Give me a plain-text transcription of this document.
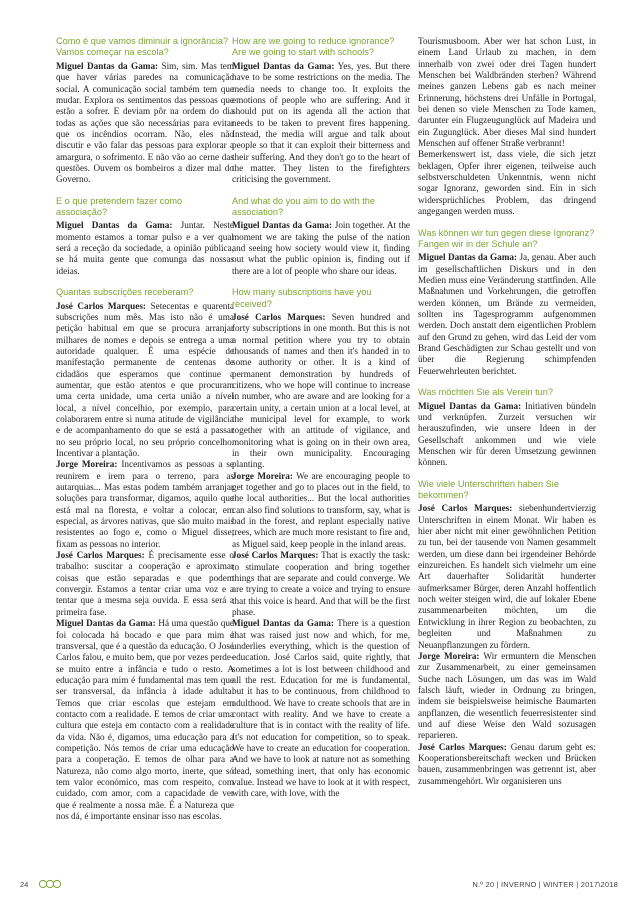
Como é que vamos diminuir a ignorância? Vamos começar na escola?

Miguel Dantas da Gama: Sim, sim. Mas tem que haver várias paredes na comunicação social. A comunicação social também tem que mudar. Explora os sentimentos das pessoas que estão a sofrer. E deviam pôr na ordem do dia todas as ações que são necessárias para evitar que os incêndios ocorram. Não, eles não discutir e vão falar das pessoas para explorar a amargura, o sofrimento. E não vão ao cerne das questões. Ouvem os bombeiros a dizer mal do Governo.

E o que pretendem fazer como associação?

Miguel Dantas da Gama: Juntar. Neste momento estamos a tomar pulso e a ver qual será a receção da sociedade, a opinião pública, se há muita gente que comunga das nossas ideias.

Quantas subscrições receberam?

José Carlos Marques: Setecentas e quarenta subscrições num mês. Mas isto não é uma petição habitual em que se procura arranjar milhares de nomes e depois se entrega a uma autoridade qualquer. É uma espécie de manifestação permanente de centenas de cidadãos que esperamos que continue a aumentar, que estão atentos e que procuram uma certa unidade, uma certa união a nível local, a nível concelhio, por exemplo, para colaborarem entre si numa atitude de vigilância e de acompanhamento do que se está a passar no seu próprio local, no seu próprio concelho. Incentivar a plantação.

Jorge Moreira: Incentivamos as pessoas a se reunirem e irem para o terreno, para as autarquias... Mas estas podem também arranjar soluções para transformar, digamos, aquilo que está mal na floresta, e voltar a colocar, em especial, as árvores nativas, que são muito mais resistentes ao fogo e, como o Miguel disse, fixam as pessoas no interior.

José Carlos Marques: É precisamente esse o trabalho: suscitar a cooperação e aproximar coisas que estão separadas e que podem convergir. Estamos a tentar criar uma voz e a tentar que a mesma seja ouvida. E essa será a primeira fase.

Miguel Dantas da Gama: Há uma questão que foi colocada há bocado e que para mim é transversal, que é a questão da educação. O José Carlos falou, e muito bem, que por vezes perde-se muito entre a infância e tudo o resto. A educação para mim é fundamental mas tem que ser transversal, da infância à idade adulta. Temos que criar escolas que estejam em contacto com a realidade. E temos de criar uma cultura que esteja em contacto com a realidade da vida. Não é, digamos, uma educação para a competição. Nós temos de criar uma educação para a cooperação. E temos de olhar para a Natureza, não como algo morto, inerte, que só tem valor económico, mas com respeito, com cuidado, com amor, com a capacidade de ver que é realmente a nossa mãe. É a Natureza que nos dá, é importante ensinar isso nas escolas.

How are we going to reduce ignorance? Are we going to start with schools?

Miguel Dantas da Gama: Yes, yes. But there have to be some restrictions on the media. The media needs to change too. It exploits the emotions of people who are suffering. And it should put on its agenda all the action that needs to be taken to prevent fires happening. Instead, the media will argue and talk about people so that it can exploit their bitterness and their suffering. And they don't go to the heart of the matter. They listen to the firefighters criticising the government.

And what do you aim to do with the association?

Miguel Dantas da Gama: Join together. At the moment we are taking the pulse of the nation and seeing how society would view it, finding out what the public opinion is, finding out if there are a lot of people who share our ideas.

How many subscriptions have you received?

José Carlos Marques: Seven hundred and forty subscriptions in one month. But this is not a normal petition where you try to obtain thousands of names and then it's handed in to some authority or other. It is a kind of permanent demonstration by hundreds of citizens, who we hope will continue to increase in number, who are aware and are looking for a certain unity, a certain union at a local level, at the municipal level for example, to work together with an attitude of vigilance, and monitoring what is going on in their own area, in their own municipality. Encouraging planting.

Jorge Moreira: We are encouraging people to get together and go to places out in the field, to the local authorities... But the local authorities can also find solutions to transform, say, what is bad in the forest, and replant especially native trees, which are much more resistant to fire and, as Miguel said, keep people in the inland areas.

José Carlos Marques: That is exactly the task: to stimulate cooperation and bring together things that are separate and could converge. We are trying to create a voice and trying to ensure that this voice is heard. And that will be the first phase.

Miguel Dantas da Gama: There is a question that was raised just now and which, for me, underlies everything, which is the question of education. José Carlos said, quite rightly, that sometimes a lot is lost between childhood and all the rest. Education for me is fundamental, but it has to be continuous, from childhood to adulthood. We have to create schools that are in contact with reality. And we have to create a culture that is in contact with the reality of life. It's not education for competition, so to speak. We have to create an education for cooperation. And we have to look at nature not as something dead, something inert, that only has economic value. Instead we have to look at it with respect, with care, with love, with the

Tourismusboom. Aber wer hat schon Lust, in einem Land Urlaub zu machen, in dem innerhalb von zwei oder drei Tagen hundert Menschen bei Waldbränden sterben? Während meines ganzen Lebens gab es nach meiner Erinnerung, höchstens drei Unfälle in Portugal, bei denen so viele Menschen zu Tode kamen, darunter ein Flugzeugunglück auf Madeira und ein Zugunglück. Aber dieses Mal sind hundert Menschen auf offener Straße verbrannt!

Bemerkenswert ist, dass viele, die sich jetzt beklagen, Opfer ihrer eigenen, teilweise auch selbstverschuldeten Unkenntnis, wenn nicht sogar Ignoranz, geworden sind. Ein in sich widersprüchliches Problem, das dringend angegangen werden muss.

Was können wir tun gegen diese Ignoranz? Fangen wir in der Schule an?

Miguel Dantas da Gama: Ja, genau. Aber auch im gesellschaftlichen Diskurs und in den Medien muss eine Veränderung stattfinden. Alle Maßnahmen und Vorkehrungen, die getroffen werden können, um Brände zu vermeiden, sollten ins Tagesprogramm aufgenommen werden. Doch anstatt dem eigentlichen Problem auf den Grund zu gehen, wird das Leid der vom Brand Geschädigten zur Schau gestellt und von über die Regierung schimpfenden Feuerwehrleuten berichtet.

Was möchten Sie als Verein tun?

Miguel Dantas da Gama: Initiativen bündeln und verknüpfen. Zurzeit versuchen wir herauszufinden, wie unsere Ideen in der Gesellschaft ankommen und wie viele Menschen wir für deren Umsetzung gewinnen können.

Wie viele Unterschriften haben Sie bekommen?

José Carlos Marques: siebenhundertvierzig Unterschriften in einem Monat. Wir haben es hier aber nicht mit einer gewöhnlichen Petition zu tun, bei der tausende von Namen gesammelt werden, um diese dann bei irgendeiner Behörde einzureichen. Es handelt sich vielmehr um eine Art dauerhafter Solidarität hunderter aufmerksamer Bürger, deren Anzahl hoffentlich noch weiter steigen wird, die auf lokaler Ebene zusammenarbeiten möchten, um die Entwicklung in ihrer Region zu beobachten, zu begleiten und Maßnahmen zu Neuanpflanzungen zu fördern.

Jorge Moreira: Wir ermuntern die Menschen zur Zusammenarbeit, zu einer gemeinsamen Suche nach Lösungen, um das was im Wald falsch läuft, wieder in Ordnung zu bringen, indem sie beispielsweise heimische Baumarten anpflanzen, die wesentlich feuerresistenter sind und auf diese Weise den Wald sozusagen reparieren.

José Carlos Marques: Genau darum geht es: Kooperationsbereitschaft wecken und Brücken bauen, zusammenbringen was getrennt ist, aber zusammengehört. Wir organisieren uns

24	N.º 20 | INVERNO | WINTER | 2017\2018
